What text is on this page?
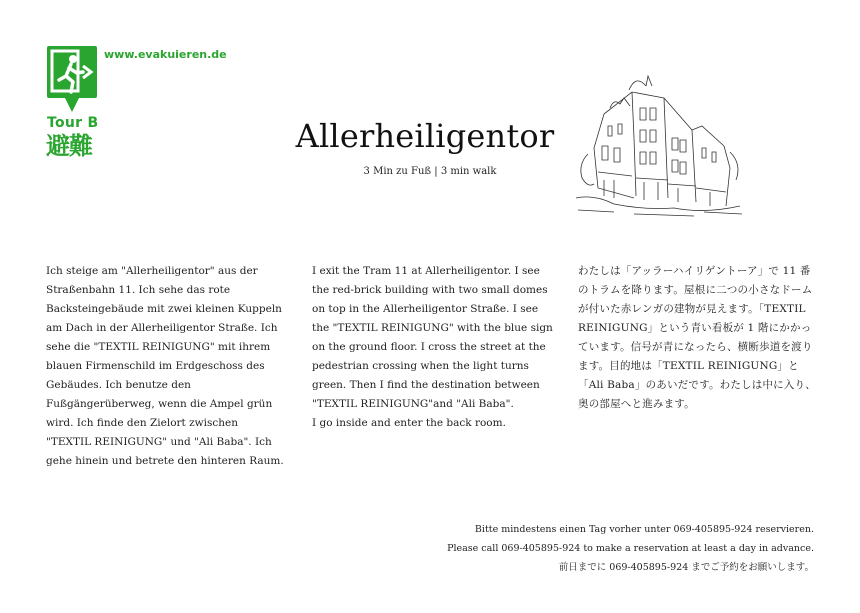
Tour B
避難
www.evakuieren.de
Allerheiligentor
3 Min zu Fuß | 3 min walk
Ich steige am "Allerheiligentor" aus der Straßenbahn 11. Ich sehe das rote Backsteingebäude mit zwei kleinen Kuppeln am Dach in der Allerheiligentor Straße. Ich sehe die "TEXTIL REINIGUNG" mit ihrem blauen Firmenschild im Erdgeschoss des Gebäudes. Ich benutze den Fußgängerüberweg, wenn die Ampel grün wird. Ich finde den Zielort zwischen "TEXTIL REINIGUNG" und "Ali Baba". Ich gehe hinein und betrete den hinteren Raum.
I exit the Tram 11 at Allerheiligentor. I see the red-brick building with two small domes on top in the Allerheiligentor Straße. I see the "TEXTIL REINIGUNG" with the blue sign on the ground floor. I cross the street at the pedestrian crossing when the light turns green. Then I find the destination between "TEXTIL REINIGUNG"and "Ali Baba".
I go inside and enter the back room.
わたしは「アッラーハイリゲントーア」で 11 番のトラムを降ります。屋根に二つの小さなドームが付いた赤レンガの建物が見えます。「TEXTIL REINIGUNG」という青い看板が 1 階にかかっています。信号が青になったら、横断歩道を渡ります。目的地は「TEXTIL REINIGUNG」と「Ali Baba」のあいだです。わたしは中に入り、奥の部屋へと進みます。
Bitte mindestens einen Tag vorher unter 069-405895-924 reservieren.
Please call 069-405895-924 to make a reservation at least a day in advance.
前日までに 069-405895-924 までご予約をお願いします。
